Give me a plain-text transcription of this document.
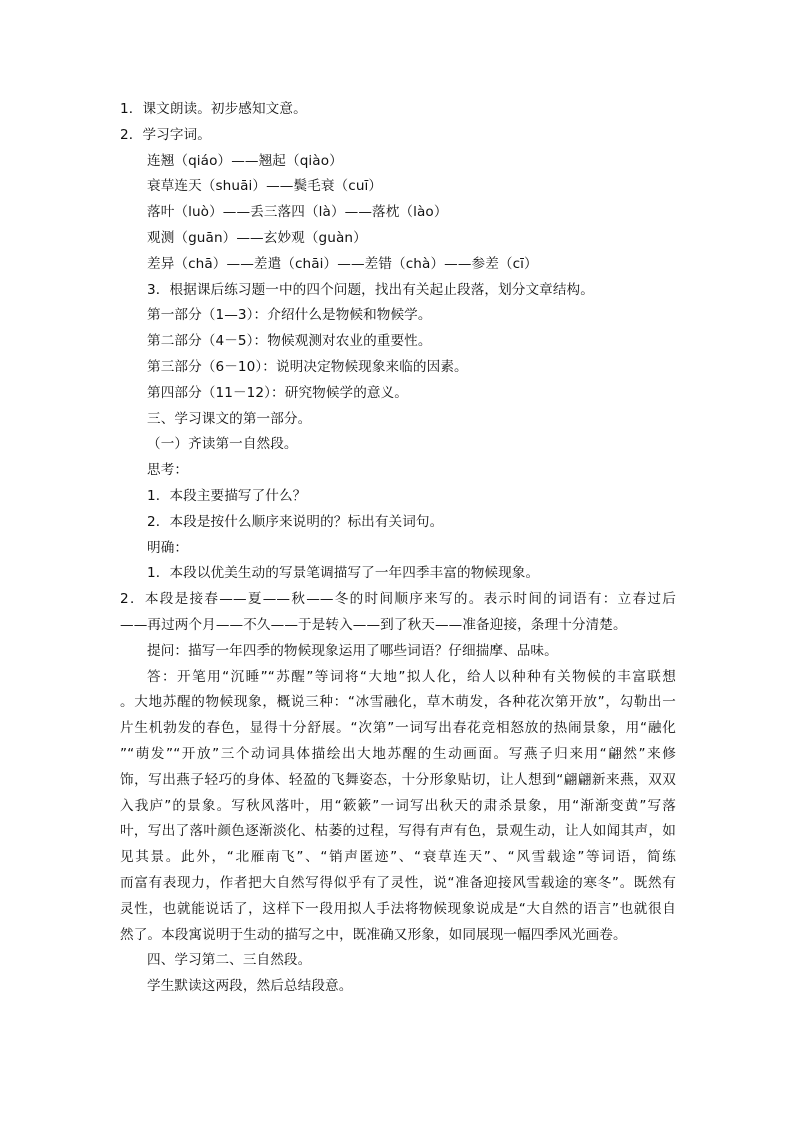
1．课文朗读。初步感知文意。
2．学习字词。
连翘（qiáo）——翘起（qiào）
衰草连天（shuāi）——鬓毛衰（cuī）
落叶（luò）——丢三落四（là）——落枕（lào）
观测（guān）——玄妙观（guàn）
差异（chā）——差遣（chāi）——差错（chà）——参差（cī）
3．根据课后练习题一中的四个问题，找出有关起止段落，划分文章结构。
第一部分（1—3）：介绍什么是物候和物候学。
第二部分（4－5）：物候观测对农业的重要性。
第三部分（6－10）：说明决定物候现象来临的因素。
第四部分（11－12）：研究物候学的意义。
三、学习课文的第一部分。
（一）齐读第一自然段。
思考：
1．本段主要描写了什么？
2．本段是按什么顺序来说明的？标出有关词句。
明确：
1．本段以优美生动的写景笔调描写了一年四季丰富的物候现象。
2．本段是接春——夏——秋——冬的时间顺序来写的。表示时间的词语有：立春过后
——再过两个月——不久——于是转入——到了秋天——准备迎接，条理十分清楚。
提问：描写一年四季的物候现象运用了哪些词语？仔细揣摩、品味。
答：开笔用“沉睡”“苏醒”等词将“大地”拟人化，给人以种种有关物候的丰富联想
。大地苏醒的物候现象，概说三种：“冰雪融化，草木萌发，各种花次第开放”，勾勒出一
片生机勃发的春色，显得十分舒展。“次第”一词写出春花竞相怒放的热闹景象，用“融化
”“萌发”“开放”三个动词具体描绘出大地苏醒的生动画面。写燕子归来用“翩然”来修
饰，写出燕子轻巧的身体、轻盈的飞舞姿态，十分形象贴切，让人想到“翩翩新来燕，双双
入我庐”的景象。写秋风落叶，用“簌簌”一词写出秋天的肃杀景象，用“渐渐变黄”写落
叶，写出了落叶颜色逐渐淡化、枯萎的过程，写得有声有色，景观生动，让人如闻其声，如
见其景。此外，“北雁南飞”、“销声匿迹”、“衰草连天”、“风雪载途”等词语，简练
而富有表现力，作者把大自然写得似乎有了灵性，说“准备迎接风雪载途的寒冬”。既然有
灵性，也就能说话了，这样下一段用拟人手法将物候现象说成是“大自然的语言”也就很自
然了。本段寓说明于生动的描写之中，既准确又形象，如同展现一幅四季风光画卷。
四、学习第二、三自然段。
学生默读这两段，然后总结段意。
